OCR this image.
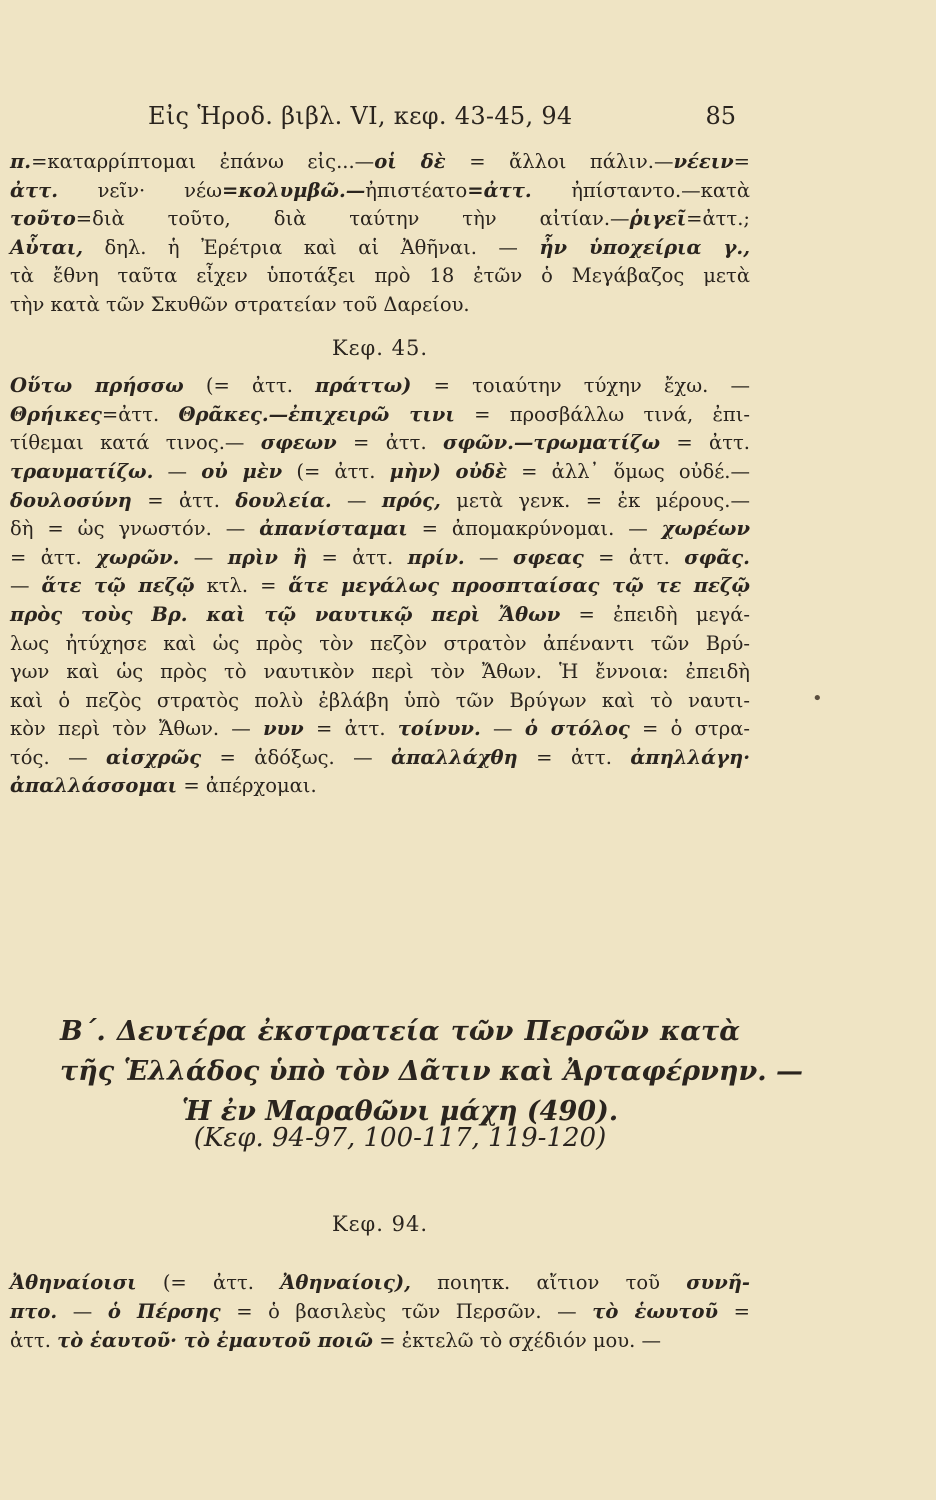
Εἰς Ἡροδ. βιβλ. VI, κεφ. 43-45, 94	85
π.=καταρρίπτομαι ἐπάνω εἰς...—οἱ δὲ = ἄλλοι πάλιν.—νέειν=
ἀττ. νεῖν· νέω=κολυμβῶ.—ἠπιστέατο=ἀττ. ἠπίσταντο.—κατὰ
τοῦτο=διὰ τοῦτο, διὰ ταύτην τὴν αἰτίαν.—ῥιγεῖ=ἀττ.;
Αὗται, δηλ. ἡ Ἐρέτρια καὶ αἱ Ἀθῆναι. — ἦν ὑποχείρια γ.,
τὰ ἔθνη ταῦτα εἶχεν ὑποτάξει πρὸ 18 ἐτῶν ὁ Μεγάβαζος μετὰ
τὴν κατὰ τῶν Σκυθῶν στρατείαν τοῦ Δαρείου.
Κεφ. 45.
Οὕτω πρήσσω (= ἀττ. πράττω) = τοιαύτην τύχην ἔχω. —
Θρήικες=ἀττ. Θρᾶκες.—ἐπιχειρῶ τινι = προσβάλλω τινά, ἐπι-
τίθεμαι κατά τινος.— σφεων = ἀττ. σφῶν.—τρωματίζω = ἀττ.
τραυματίζω. — οὐ μὲν (= ἀττ. μὴν) οὐδὲ = ἀλλ᾽ ὅμως οὐδέ.—
δουλοσύνη = ἀττ. δουλεία. — πρός, μετὰ γενκ. = ἐκ μέρους.—
δὴ = ὡς γνωστόν. — ἀπανίσταμαι = ἀπομακρύνομαι. — χωρέων
= ἀττ. χωρῶν. — πρὶν ἢ = ἀττ. πρίν. — σφεας = ἀττ. σφᾶς.
— ἅτε τῷ πεζῷ κτλ. = ἅτε μεγάλως προσπταίσας τῷ τε πεζῷ
πρὸς τοὺς Βρ. καὶ τῷ ναυτικῷ περὶ Ἄθων = ἐπειδὴ μεγά-
λως ἠτύχησε καὶ ὡς πρὸς τὸν πεζὸν στρατὸν ἀπέναντι τῶν Βρύ-
γων καὶ ὡς πρὸς τὸ ναυτικὸν περὶ τὸν Ἄθων. Ἡ ἔννοια: ἐπειδὴ
καὶ ὁ πεζὸς στρατὸς πολὺ ἐβλάβη ὑπὸ τῶν Βρύγων καὶ τὸ ναυτι-
κὸν περὶ τὸν Ἄθων. — νυν = ἀττ. τοίνυν. — ὁ στόλος = ὁ στρα-
τός. — αἰσχρῶς = ἀδόξως. — ἀπαλλάχθη = ἀττ. ἀπηλλάγη·
ἀπαλλάσσομαι = ἀπέρχομαι.
Β΄. Δευτέρα ἐκστρατεία τῶν Περσῶν κατὰ
τῆς Ἑλλάδος ὑπὸ τὸν Δᾶτιν καὶ Ἀρταφέρνην. —
Ἡ ἐν Μαραθῶνι μάχη (490).
(Κεφ. 94-97, 100-117, 119-120)
Κεφ. 94.
Ἀθηναίοισι (= ἀττ. Ἀθηναίοις), ποιητκ. αἴτιον τοῦ συνῆ-
πτο. — ὁ Πέρσης = ὁ βασιλεὺς τῶν Περσῶν. — τὸ ἑωυτοῦ =
ἀττ. τὸ ἑαυτοῦ· τὸ ἐμαυτοῦ ποιῶ = ἐκτελῶ τὸ σχέδιόν μου. —
•
